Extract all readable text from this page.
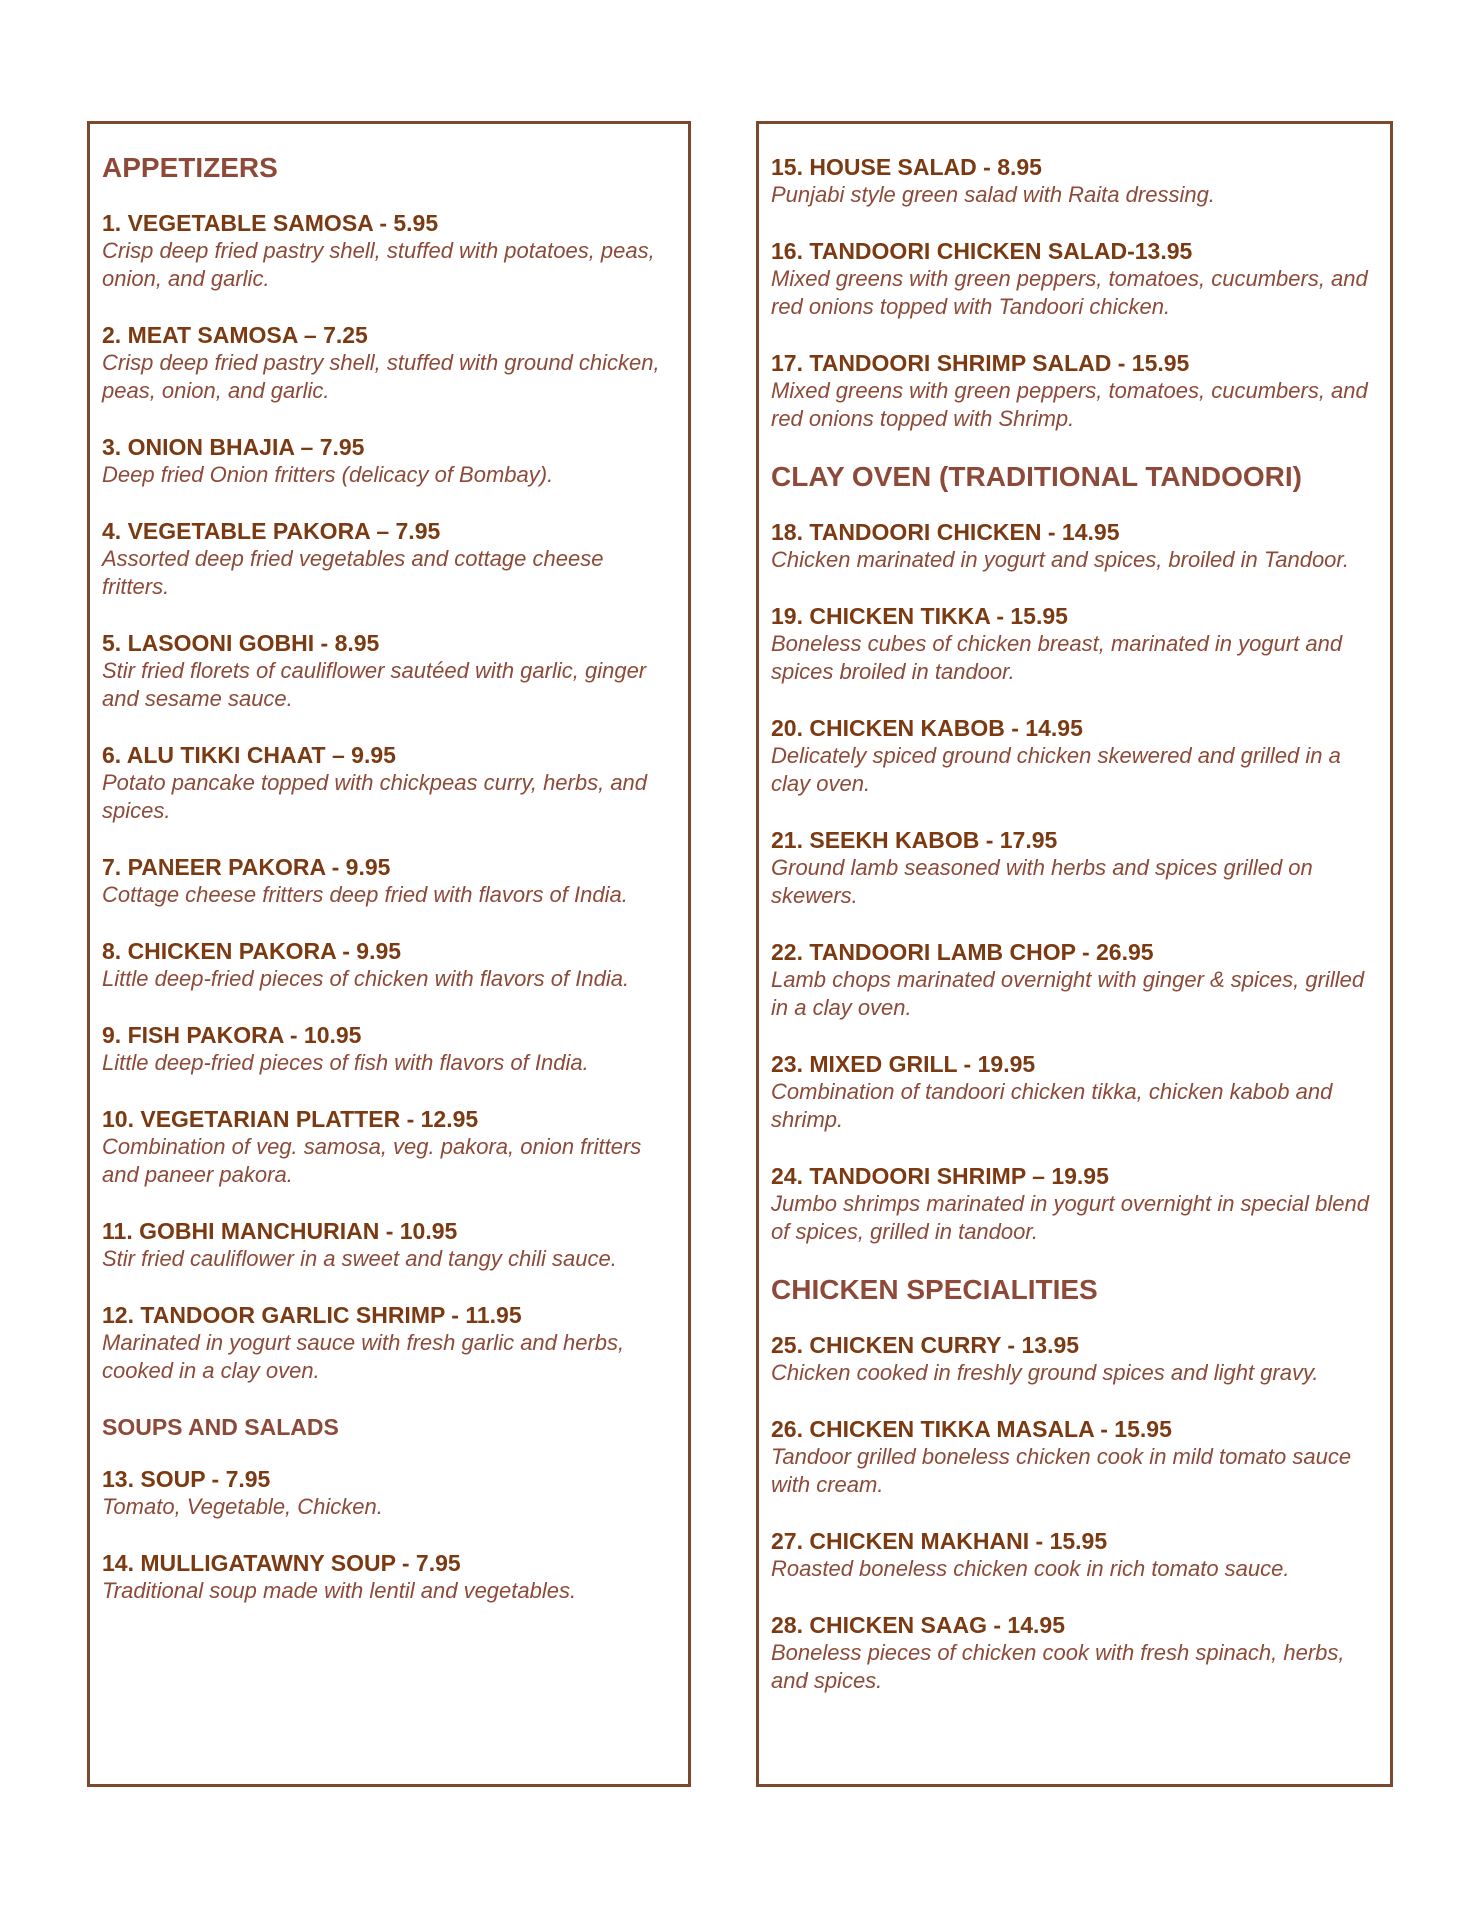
APPETIZERS
1. VEGETABLE SAMOSA - 5.95
Crisp deep fried pastry shell, stuffed with potatoes, peas, onion, and garlic.
2. MEAT SAMOSA – 7.25
Crisp deep fried pastry shell, stuffed with ground chicken, peas, onion, and garlic.
3. ONION BHAJIA – 7.95
Deep fried Onion fritters (delicacy of Bombay).
4. VEGETABLE PAKORA – 7.95
Assorted deep fried vegetables and cottage cheese fritters.
5. LASOONI GOBHI - 8.95
Stir fried florets of cauliflower sautéed with garlic, ginger and sesame sauce.
6. ALU TIKKI CHAAT – 9.95
Potato pancake topped with chickpeas curry, herbs, and spices.
7. PANEER PAKORA - 9.95
Cottage cheese fritters deep fried with flavors of India.
8. CHICKEN PAKORA - 9.95
Little deep-fried pieces of chicken with flavors of India.
9. FISH PAKORA - 10.95
Little deep-fried pieces of fish with flavors of India.
10. VEGETARIAN PLATTER - 12.95
Combination of veg. samosa, veg. pakora, onion fritters and paneer pakora.
11. GOBHI MANCHURIAN - 10.95
Stir fried cauliflower in a sweet and tangy chili sauce.
12. TANDOOR GARLIC SHRIMP - 11.95
Marinated in yogurt sauce with fresh garlic and herbs, cooked in a clay oven.
SOUPS AND SALADS
13. SOUP - 7.95
Tomato, Vegetable, Chicken.
14. MULLIGATAWNY SOUP - 7.95
Traditional soup made with lentil and vegetables.
15. HOUSE SALAD - 8.95
Punjabi style green salad with Raita dressing.
16. TANDOORI CHICKEN SALAD-13.95
Mixed greens with green peppers, tomatoes, cucumbers, and red onions topped with Tandoori chicken.
17. TANDOORI SHRIMP SALAD - 15.95
Mixed greens with green peppers, tomatoes, cucumbers, and red onions topped with Shrimp.
CLAY OVEN (TRADITIONAL TANDOORI)
18. TANDOORI CHICKEN - 14.95
Chicken marinated in yogurt and spices, broiled in Tandoor.
19. CHICKEN TIKKA - 15.95
Boneless cubes of chicken breast, marinated in yogurt and spices broiled in tandoor.
20. CHICKEN KABOB - 14.95
Delicately spiced ground chicken skewered and grilled in a clay oven.
21. SEEKH KABOB - 17.95
Ground lamb seasoned with herbs and spices grilled on skewers.
22. TANDOORI LAMB CHOP - 26.95
Lamb chops marinated overnight with ginger & spices, grilled in a clay oven.
23. MIXED GRILL - 19.95
Combination of tandoori chicken tikka, chicken kabob and shrimp.
24. TANDOORI SHRIMP – 19.95
Jumbo shrimps marinated in yogurt overnight in special blend of spices, grilled in tandoor.
CHICKEN SPECIALITIES
25. CHICKEN CURRY - 13.95
Chicken cooked in freshly ground spices and light gravy.
26. CHICKEN TIKKA MASALA - 15.95
Tandoor grilled boneless chicken cook in mild tomato sauce with cream.
27. CHICKEN MAKHANI - 15.95
Roasted boneless chicken cook in rich tomato sauce.
28. CHICKEN SAAG - 14.95
Boneless pieces of chicken cook with fresh spinach, herbs, and spices.
